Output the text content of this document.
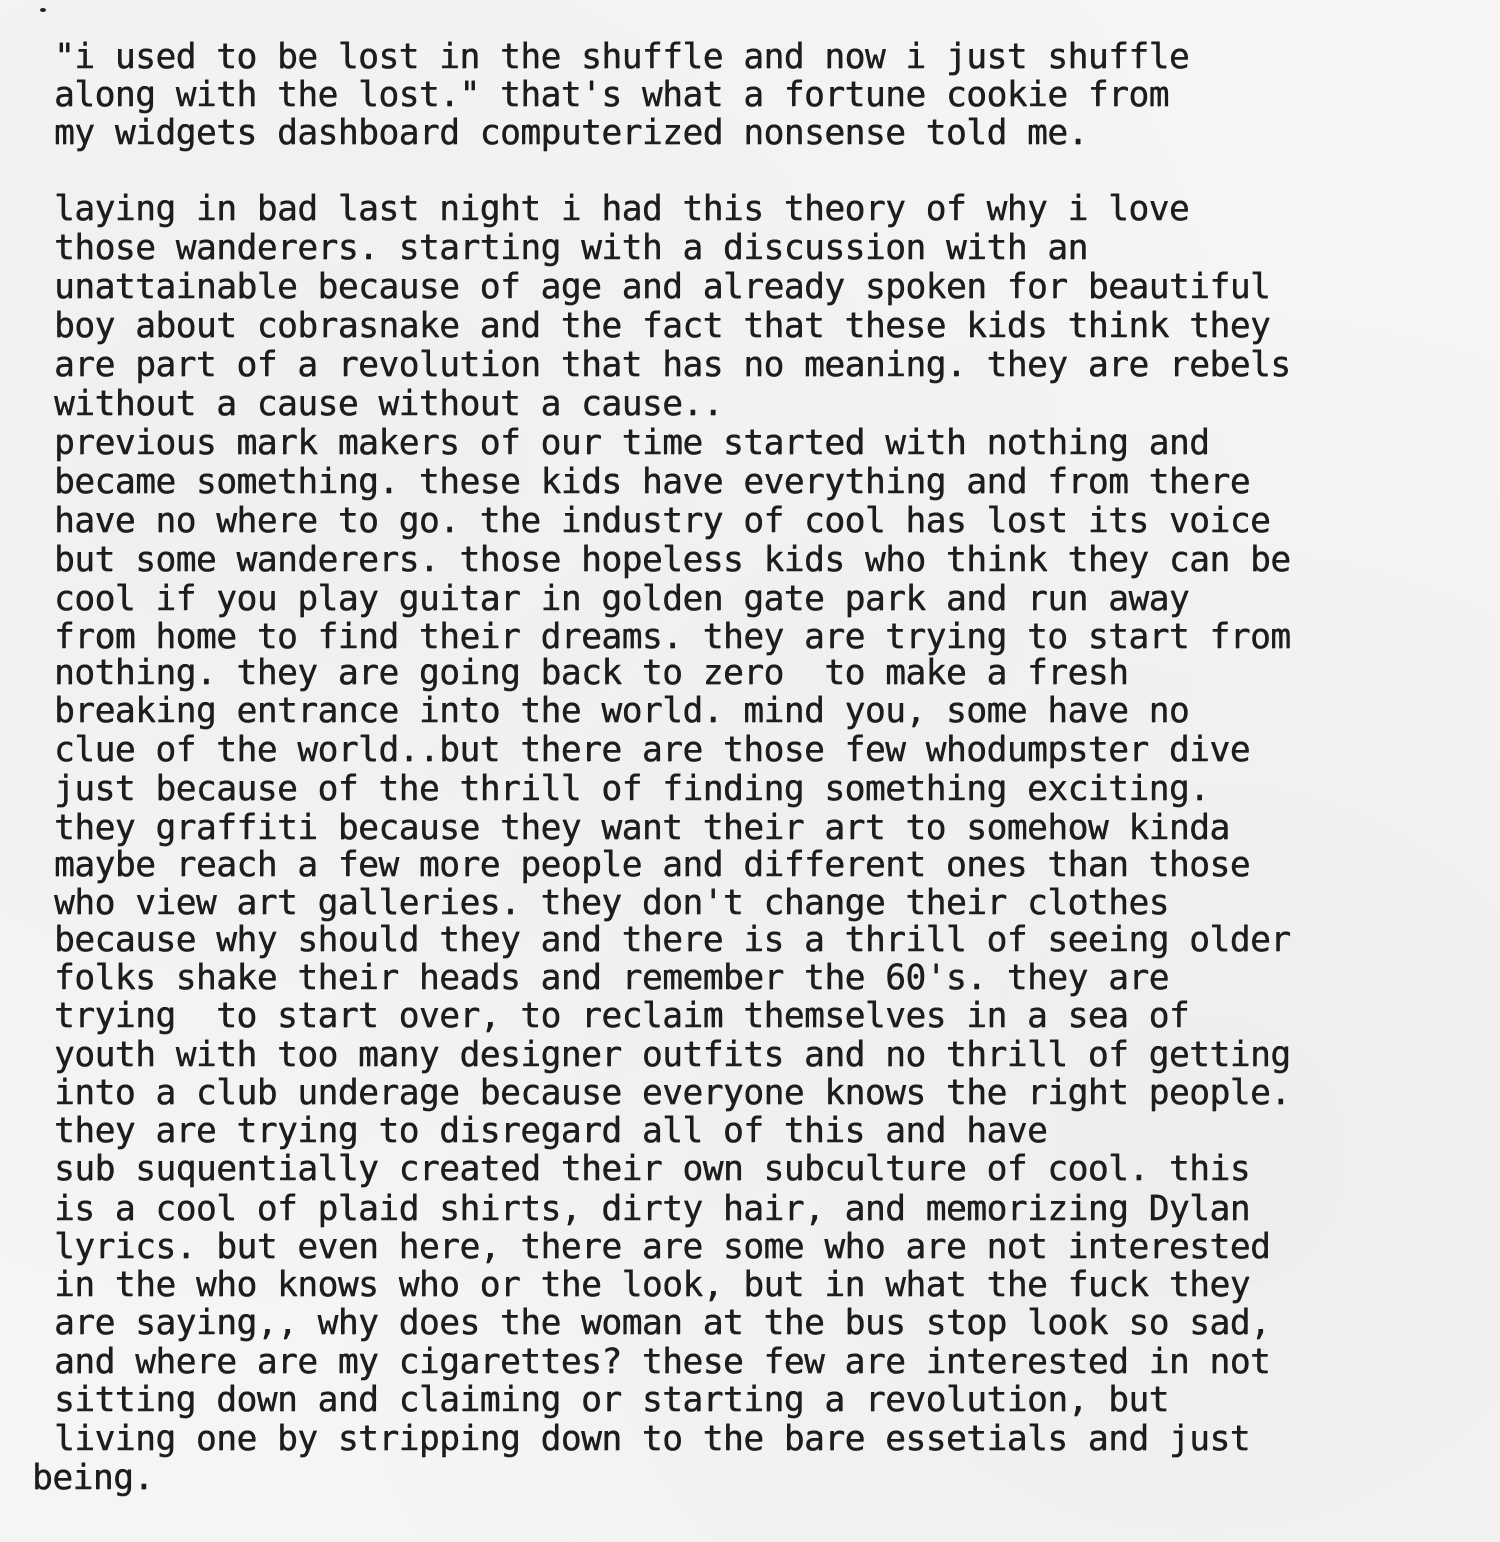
"i used to be lost in the shuffle and now i just shuffle
along with the lost." that's what a fortune cookie from
my widgets dashboard computerized nonsense told me.
laying in bad last night i had this theory of why i love
those wanderers. starting with a discussion with an
unattainable because of age and already spoken for beautiful
boy about cobrasnake and the fact that these kids think they
are part of a revolution that has no meaning. they are rebels
without a cause without a cause..
previous mark makers of our time started with nothing and
became something. these kids have everything and from there
have no where to go. the industry of cool has lost its voice
but some wanderers. those hopeless kids who think they can be
cool if you play guitar in golden gate park and run away
from home to find their dreams. they are trying to start from
nothing. they are going back to zero  to make a fresh
breaking entrance into the world. mind you, some have no
clue of the world..but there are those few whodumpster dive
just because of the thrill of finding something exciting.
they graffiti because they want their art to somehow kinda
maybe reach a few more people and different ones than those
who view art galleries. they don't change their clothes
because why should they and there is a thrill of seeing older
folks shake their heads and remember the 60's. they are
trying  to start over, to reclaim themselves in a sea of
youth with too many designer outfits and no thrill of getting
into a club underage because everyone knows the right people.
they are trying to disregard all of this and have
sub suquentially created their own subculture of cool. this
is a cool of plaid shirts, dirty hair, and memorizing Dylan
lyrics. but even here, there are some who are not interested
in the who knows who or the look, but in what the fuck they
are saying,, why does the woman at the bus stop look so sad,
and where are my cigarettes? these few are interested in not
sitting down and claiming or starting a revolution, but
living one by stripping down to the bare essetials and just
being.
